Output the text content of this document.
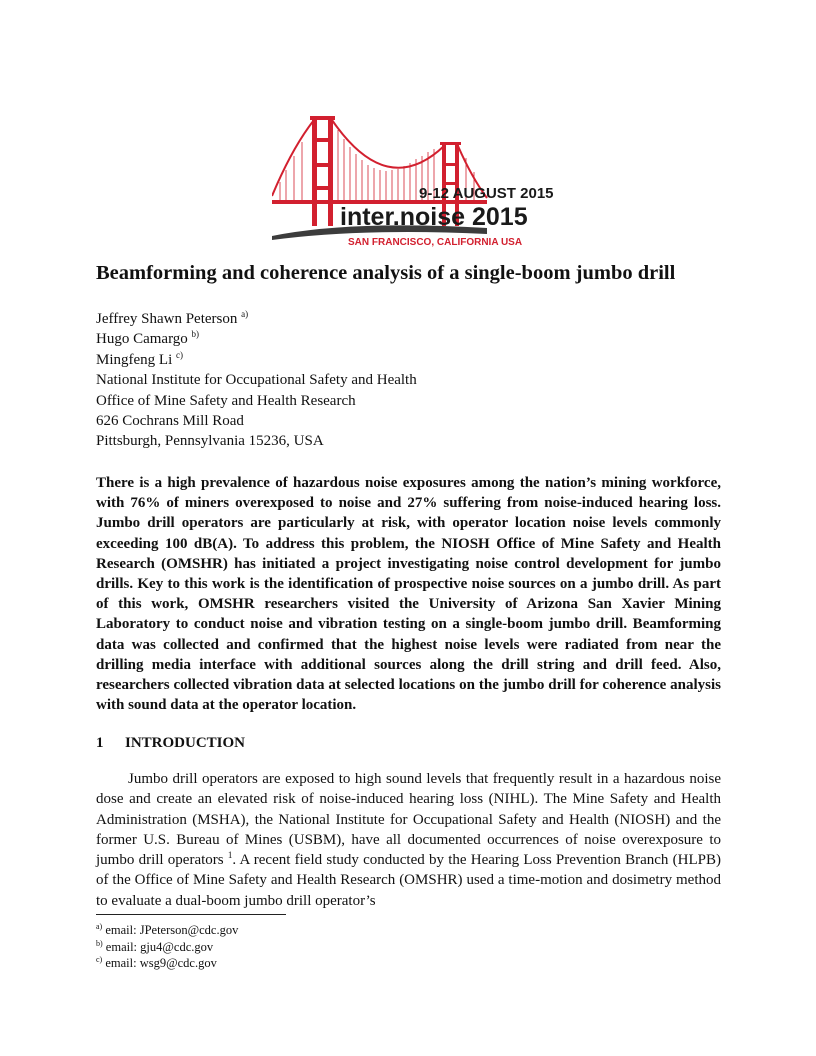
9-12 AUGUST 2015
inter.noise 2015
SAN FRANCISCO, CALIFORNIA USA
Beamforming and coherence analysis of a single-boom jumbo drill
Jeffrey Shawn Peterson $^{a)}$
Hugo Camargo $^{b)}$
Mingfeng Li $^{c)}$
National Institute for Occupational Safety and Health
Office of Mine Safety and Health Research
626 Cochrans Mill Road
Pittsburgh, Pennsylvania 15236, USA

There is a high prevalence of hazardous noise exposures among the nation’s mining workforce, with 76% of miners overexposed to noise and 27% suffering from noise-induced hearing loss. Jumbo drill operators are particularly at risk, with operator location noise levels commonly exceeding 100 dB(A). To address this problem, the NIOSH Office of Mine Safety and Health Research (OMSHR) has initiated a project investigating noise control development for jumbo drills. Key to this work is the identification of prospective noise sources on a jumbo drill. As part of this work, OMSHR researchers visited the University of Arizona San Xavier Mining Laboratory to conduct noise and vibration testing on a single-boom jumbo drill. Beamforming data was collected and confirmed that the highest noise levels were radiated from near the drilling media interface with additional sources along the drill string and drill feed. Also, researchers collected vibration data at selected locations on the jumbo drill for coherence analysis with sound data at the operator location.

1 INTRODUCTION

Jumbo drill operators are exposed to high sound levels that frequently result in a hazardous noise dose and create an elevated risk of noise-induced hearing loss (NIHL). The Mine Safety and Health Administration (MSHA), the National Institute for Occupational Safety and Health (NIOSH) and the former U.S. Bureau of Mines (USBM), have all documented occurrences of noise overexposure to jumbo drill operators $^1$. A recent field study conducted by the Hearing Loss Prevention Branch (HLPB) of the Office of Mine Safety and Health Research (OMSHR) used a time-motion and dosimetry method to evaluate a dual-boom jumbo drill operator’s

$^{a)}$ email: JPeterson@cdc.gov
$^{b)}$ email: gju4@cdc.gov
$^{c)}$ email: wsg9@cdc.gov
